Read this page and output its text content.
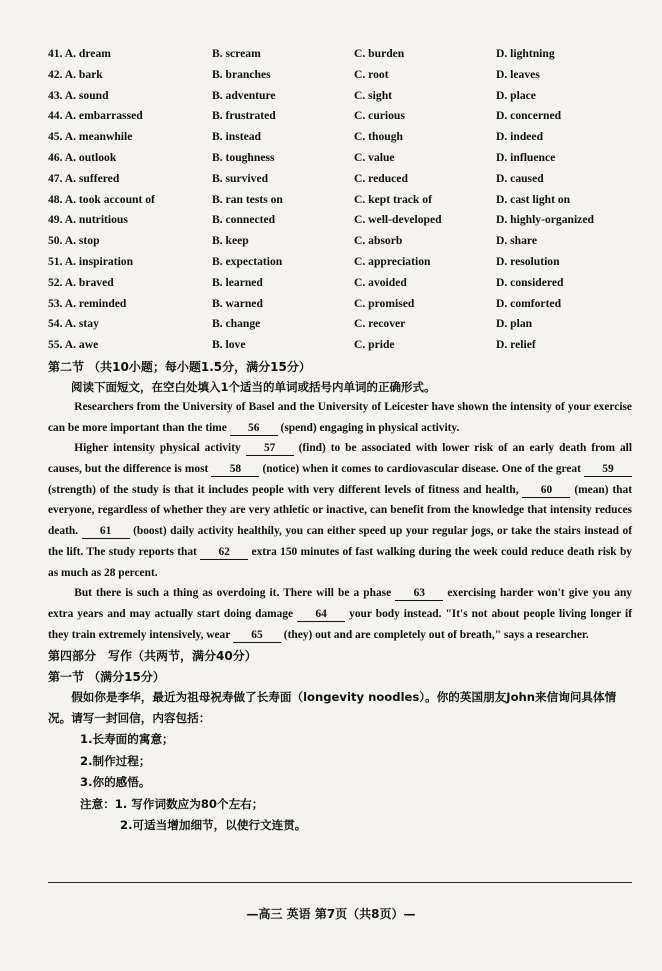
41. A. dream	B. scream	C. burden	D. lightning
42. A. bark	B. branches	C. root	D. leaves
43. A. sound	B. adventure	C. sight	D. place
44. A. embarrassed	B. frustrated	C. curious	D. concerned
45. A. meanwhile	B. instead	C. though	D. indeed
46. A. outlook	B. toughness	C. value	D. influence
47. A. suffered	B. survived	C. reduced	D. caused
48. A. took account of	B. ran tests on	C. kept track of	D. cast light on
49. A. nutritious	B. connected	C. well-developed	D. highly-organized
50. A. stop	B. keep	C. absorb	D. share
51. A. inspiration	B. expectation	C. appreciation	D. resolution
52. A. braved	B. learned	C. avoided	D. considered
53. A. reminded	B. warned	C. promised	D. comforted
54. A. stay	B. change	C. recover	D. plan
55. A. awe	B. love	C. pride	D. relief
第二节 （共10小题；每小题1.5分，满分15分）
阅读下面短文，在空白处填入1个适当的单词或括号内单词的正确形式。

Researchers from the University of Basel and the University of Leicester have shown the intensity of your exercise can be more important than the time 56 (spend) engaging in physical activity.

Higher intensity physical activity 57 (find) to be associated with lower risk of an early death from all causes, but the difference is most 58 (notice) when it comes to cardiovascular disease. One of the great 59 (strength) of the study is that it includes people with very different levels of fitness and health, 60 (mean) that everyone, regardless of whether they are very athletic or inactive, can benefit from the knowledge that intensity reduces death. 61 (boost) daily activity healthily, you can either speed up your regular jogs, or take the stairs instead of the lift. The study reports that 62 extra 150 minutes of fast walking during the week could reduce death risk by as much as 28 percent.

But there is such a thing as overdoing it. There will be a phase 63 exercising harder won't give you any extra years and may actually start doing damage 64 your body instead. "It's not about people living longer if they train extremely intensively, wear 65 (they) out and are completely out of breath," says a researcher.

第四部分　写作（共两节，满分40分）
第一节 （满分15分）

假如你是李华，最近为祖母祝寿做了长寿面（longevity noodles）。你的英国朋友John来信询问具体情况。请写一封回信，内容包括：

1.长寿面的寓意；
2.制作过程；
3.你的感悟。
注意：1. 写作词数应为80个左右；
2.可适当增加细节，以使行文连贯。
—高三 英语 第7页（共8页）—
